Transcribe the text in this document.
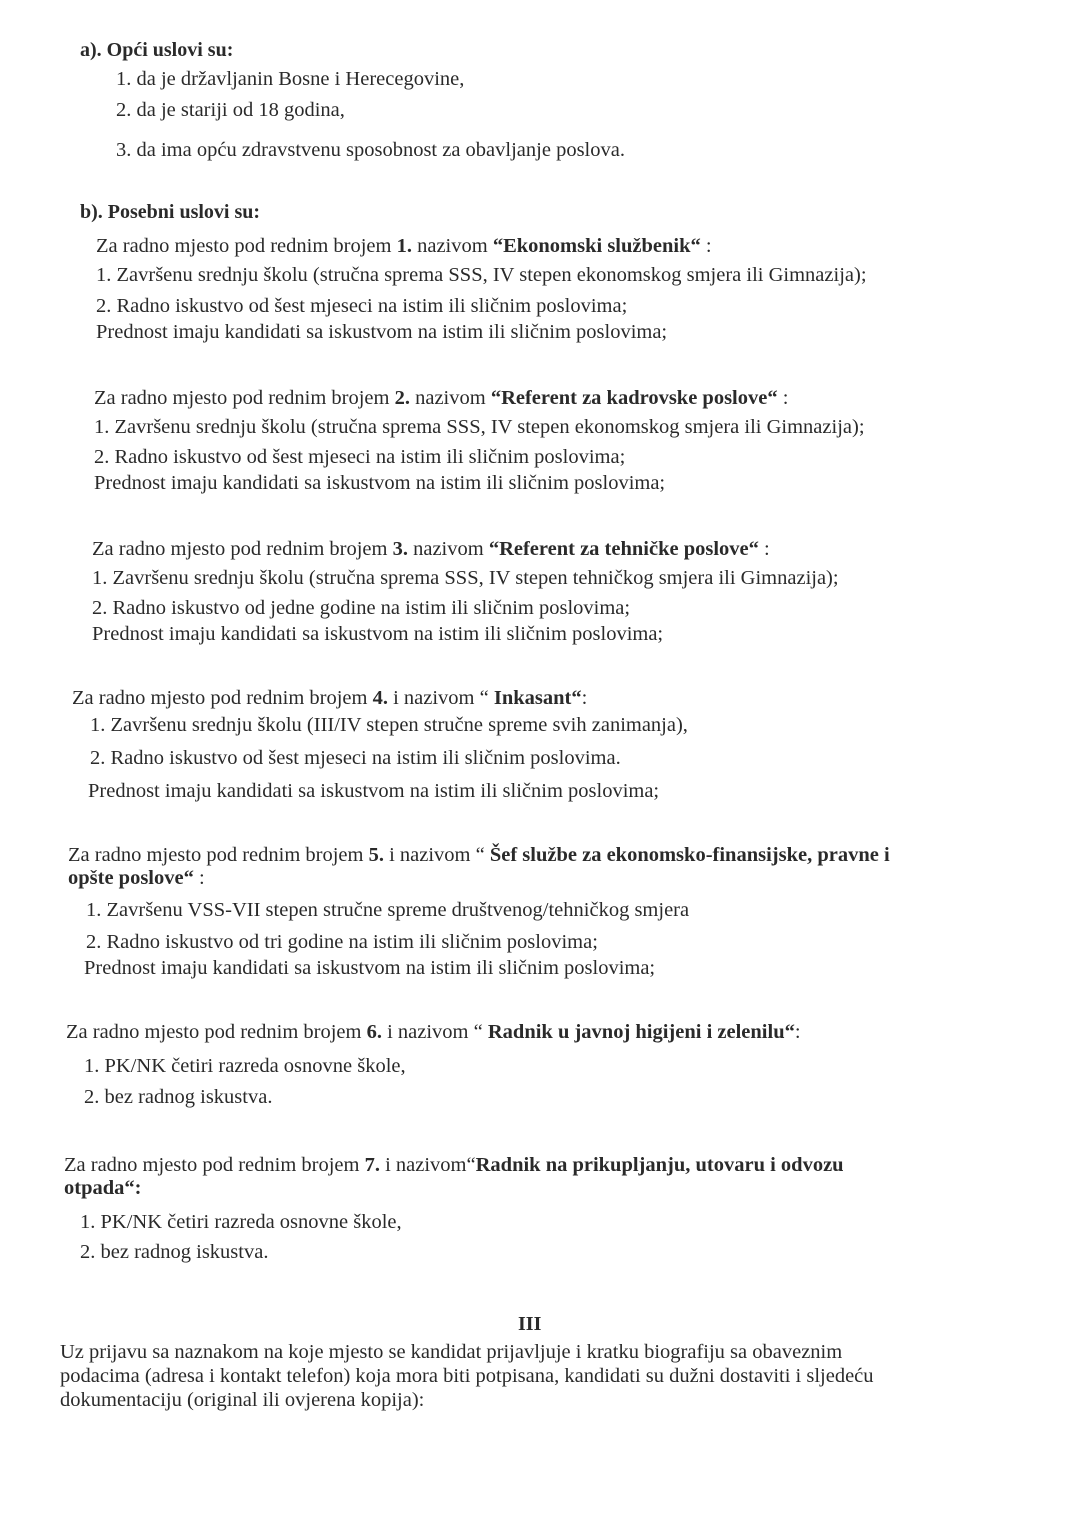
a). Opći uslovi su:
1. da je državljanin Bosne i Herecegovine,
2. da je stariji od 18 godina,
3. da ima opću zdravstvenu sposobnost za obavljanje poslova.
b). Posebni uslovi su:
Za radno mjesto pod rednim brojem 1. nazivom “Ekonomski službenik“ :
1. Završenu srednju školu (stručna sprema SSS, IV stepen ekonomskog smjera ili Gimnazija);
2. Radno iskustvo od šest mjeseci na istim ili sličnim poslovima;
Prednost imaju kandidati sa iskustvom na istim ili sličnim poslovima;
Za radno mjesto pod rednim brojem 2. nazivom “Referent za kadrovske poslove“ :
1. Završenu srednju školu (stručna sprema SSS, IV stepen ekonomskog smjera ili Gimnazija);
2. Radno iskustvo od šest mjeseci na istim ili sličnim poslovima;
Prednost imaju kandidati sa iskustvom na istim ili sličnim poslovima;
Za radno mjesto pod rednim brojem 3. nazivom “Referent za tehničke poslove“ :
1. Završenu srednju školu (stručna sprema SSS, IV stepen tehničkog smjera ili Gimnazija);
2. Radno iskustvo od jedne godine na istim ili sličnim poslovima;
Prednost imaju kandidati sa iskustvom na istim ili sličnim poslovima;
Za radno mjesto pod rednim brojem 4. i nazivom “ Inkasant“:
1. Završenu srednju školu (III/IV stepen stručne spreme svih zanimanja),
2. Radno iskustvo od šest mjeseci na istim ili sličnim poslovima.
Prednost imaju kandidati sa iskustvom na istim ili sličnim poslovima;
Za radno mjesto pod rednim brojem 5. i nazivom “ Šef službe za ekonomsko-finansijske, pravne i
opšte poslove“ :
1. Završenu VSS-VII stepen stručne spreme društvenog/tehničkog smjera
2. Radno iskustvo od tri godine na istim ili sličnim poslovima;
Prednost imaju kandidati sa iskustvom na istim ili sličnim poslovima;
Za radno mjesto pod rednim brojem 6. i nazivom “ Radnik u javnoj higijeni i zelenilu“:
1. PK/NK četiri razreda osnovne škole,
2. bez radnog iskustva.
Za radno mjesto pod rednim brojem 7. i nazivom“Radnik na prikupljanju, utovaru i odvozu
otpada“:
1. PK/NK četiri razreda osnovne škole,
2. bez radnog iskustva.
III
Uz prijavu sa naznakom na koje mjesto se kandidat prijavljuje i kratku biografiju sa obaveznim
podacima (adresa i kontakt telefon) koja mora biti potpisana, kandidati su dužni dostaviti i sljedeću
dokumentaciju (original ili ovjerena kopija):
